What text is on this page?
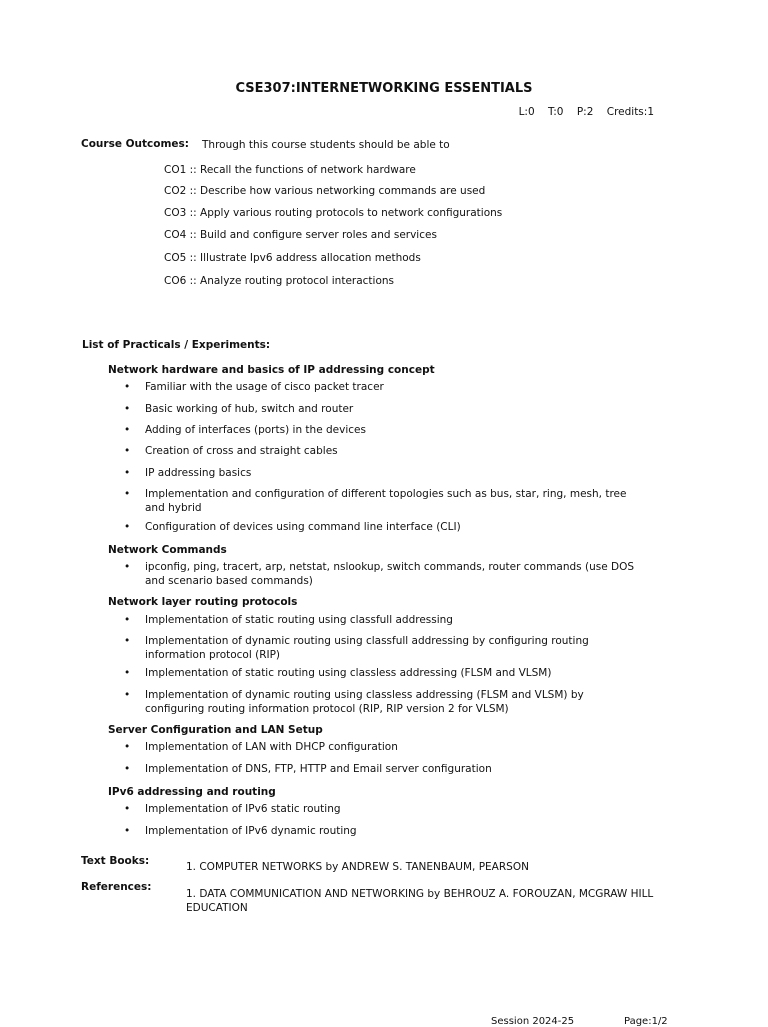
CSE307:INTERNETWORKING ESSENTIALS
L:0 T:0 P:2 Credits:1
Course Outcomes: Through this course students should be able to
CO1 :: Recall the functions of network hardware
CO2 :: Describe how various networking commands are used
CO3 :: Apply various routing protocols to network configurations
CO4 :: Build and configure server roles and services
CO5 :: Illustrate Ipv6 address allocation methods
CO6 :: Analyze routing protocol interactions
List of Practicals / Experiments:
Network hardware and basics of IP addressing concept
• Familiar with the usage of cisco packet tracer
• Basic working of hub, switch and router
• Adding of interfaces (ports) in the devices
• Creation of cross and straight cables
• IP addressing basics
• Implementation and configuration of different topologies such as bus, star, ring, mesh, tree and hybrid
• Configuration of devices using command line interface (CLI)
Network Commands
• ipconfig, ping, tracert, arp, netstat, nslookup, switch commands, router commands (use DOS and scenario based commands)
Network layer routing protocols
• Implementation of static routing using classfull addressing
• Implementation of dynamic routing using classfull addressing by configuring routing information protocol (RIP)
• Implementation of static routing using classless addressing (FLSM and VLSM)
• Implementation of dynamic routing using classless addressing (FLSM and VLSM) by configuring routing information protocol (RIP, RIP version 2 for VLSM)
Server Configuration and LAN Setup
• Implementation of LAN with DHCP configuration
• Implementation of DNS, FTP, HTTP and Email server configuration
IPv6 addressing and routing
• Implementation of IPv6 static routing
• Implementation of IPv6 dynamic routing
Text Books:	1. COMPUTER NETWORKS by ANDREW S. TANENBAUM, PEARSON
References:
1. DATA COMMUNICATION AND NETWORKING by BEHROUZ A. FOROUZAN, MCGRAW HILL EDUCATION
Session 2024-25	Page:1/2
